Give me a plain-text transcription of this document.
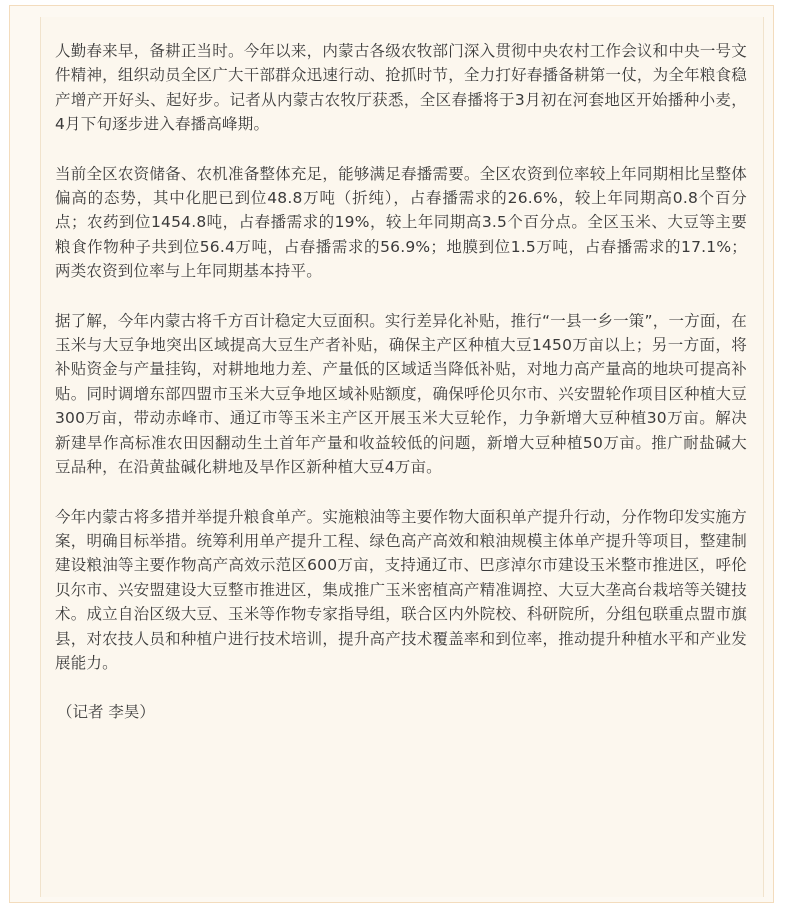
人勤春来早，备耕正当时。今年以来，内蒙古各级农牧部门深入贯彻中央农村工作会议和中央一号文件精神，组织动员全区广大干部群众迅速行动、抢抓时节，全力打好春播备耕第一仗，为全年粮食稳产增产开好头、起好步。记者从内蒙古农牧厅获悉，全区春播将于3月初在河套地区开始播种小麦，4月下旬逐步进入春播高峰期。

当前全区农资储备、农机准备整体充足，能够满足春播需要。全区农资到位率较上年同期相比呈整体偏高的态势，其中化肥已到位48.8万吨（折纯），占春播需求的26.6%，较上年同期高0.8个百分点；农药到位1454.8吨，占春播需求的19%，较上年同期高3.5个百分点。全区玉米、大豆等主要粮食作物种子共到位56.4万吨，占春播需求的56.9%；地膜到位1.5万吨，占春播需求的17.1%；两类农资到位率与上年同期基本持平。

据了解，今年内蒙古将千方百计稳定大豆面积。实行差异化补贴，推行“一县一乡一策”，一方面，在玉米与大豆争地突出区域提高大豆生产者补贴，确保主产区种植大豆1450万亩以上；另一方面，将补贴资金与产量挂钩，对耕地地力差、产量低的区域适当降低补贴，对地力高产量高的地块可提高补贴。同时调增东部四盟市玉米大豆争地区域补贴额度，确保呼伦贝尔市、兴安盟轮作项目区种植大豆300万亩，带动赤峰市、通辽市等玉米主产区开展玉米大豆轮作，力争新增大豆种植30万亩。解决新建旱作高标准农田因翻动生土首年产量和收益较低的问题，新增大豆种植50万亩。推广耐盐碱大豆品种，在沿黄盐碱化耕地及旱作区新种植大豆4万亩。

今年内蒙古将多措并举提升粮食单产。实施粮油等主要作物大面积单产提升行动，分作物印发实施方案，明确目标举措。统筹利用单产提升工程、绿色高产高效和粮油规模主体单产提升等项目，整建制建设粮油等主要作物高产高效示范区600万亩，支持通辽市、巴彦淖尔市建设玉米整市推进区，呼伦贝尔市、兴安盟建设大豆整市推进区，集成推广玉米密植高产精准调控、大豆大垄高台栽培等关键技术。成立自治区级大豆、玉米等作物专家指导组，联合区内外院校、科研院所，分组包联重点盟市旗县，对农技人员和种植户进行技术培训，提升高产技术覆盖率和到位率，推动提升种植水平和产业发展能力。

（记者 李昊）
